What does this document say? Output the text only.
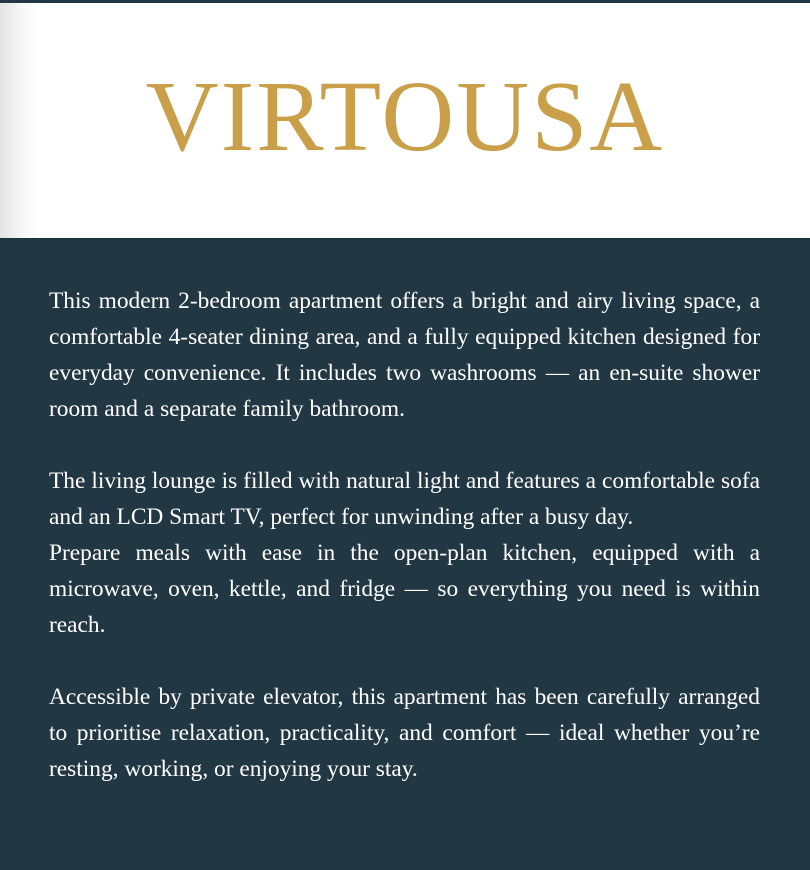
VIRTOUSA

This modern 2-bedroom apartment offers a bright and airy living space, a comfortable 4-seater dining area, and a fully equipped kitchen designed for everyday convenience. It includes two washrooms — an en-suite shower room and a separate family bathroom.

The living lounge is filled with natural light and features a comfortable sofa and an LCD Smart TV, perfect for unwinding after a busy day.

Prepare meals with ease in the open-plan kitchen, equipped with a microwave, oven, kettle, and fridge — so everything you need is within reach.

Accessible by private elevator, this apartment has been carefully arranged to prioritise relaxation, practicality, and comfort — ideal whether you’re resting, working, or enjoying your stay.
